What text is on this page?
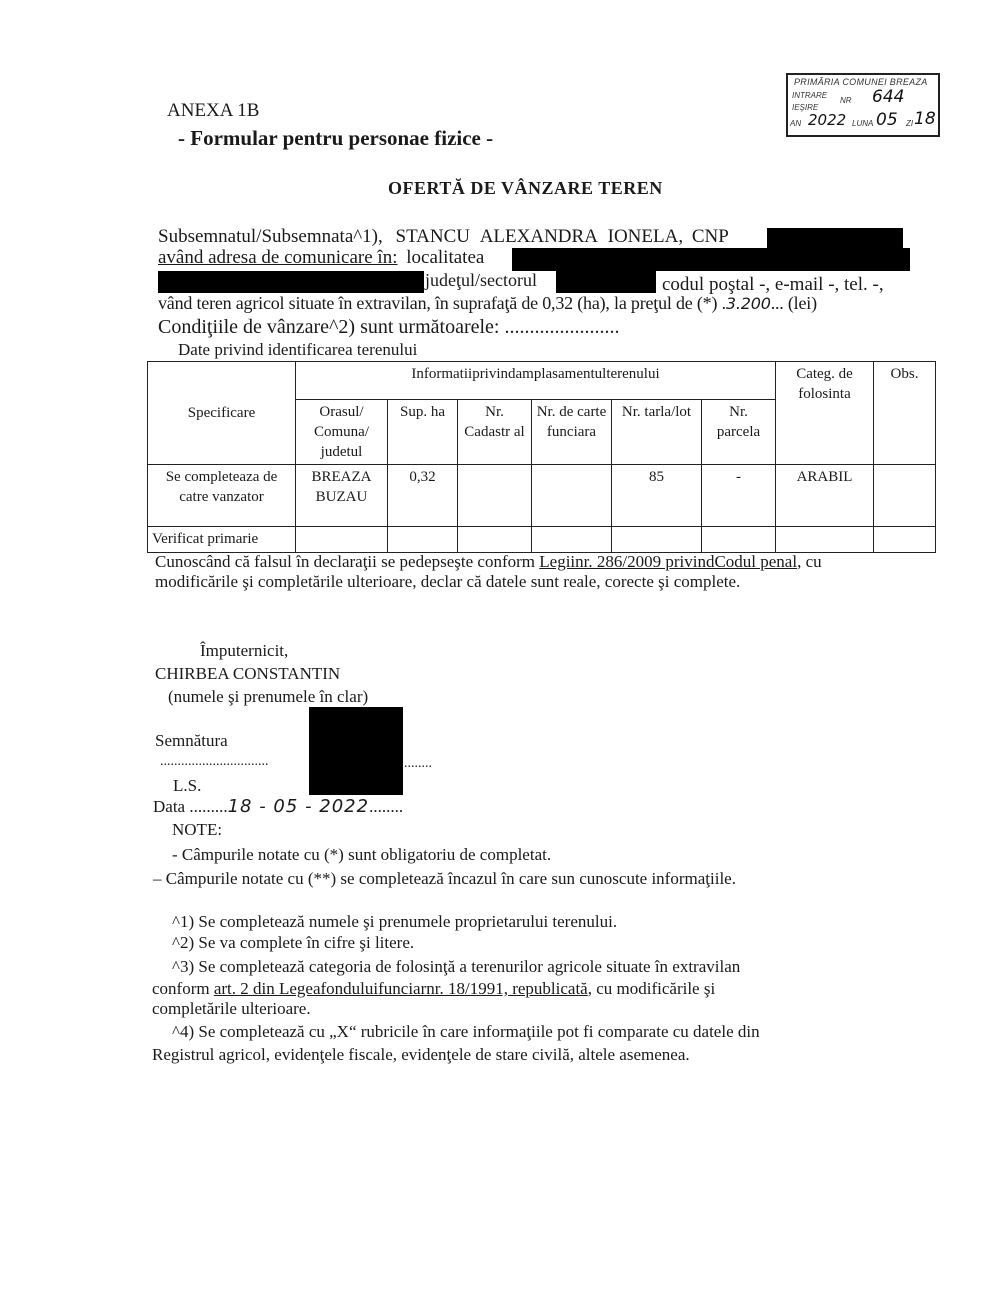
ANEXA 1B
- Formular pentru personae fizice -
OFERTĂ DE VÂNZARE TEREN
PRIMĂRIA COMUNEI BREAZA
INTRARE
IEŞIRE
NR
AN	LUNA	ZI
644
2022 05 18
Subsemnatul/Subsemnata^1), STANCU ALEXANDRA IONELA, CNP
având adresa de comunicare în: localitatea
judeţul/sectorul	codul poştal -, e-mail -, tel. -,
vând teren agricol situate în extravilan, în suprafaţă de 0,32 (ha), la preţul de (*) .3.200... (lei)
Condiţiile de vânzare^2) sunt următoarele: .......................
Date privind identificarea terenului
Specificare	Informatiiprivindamplasamentulterenului						Categ. de folosinta	Obs.
	Orasul/ Comuna/ judetul	Sup. ha	Nr. Cadastr al	Nr. de carte funciara	Nr. tarla/lot	Nr. parcela		
Se completeaza de catre vanzator	BREAZA BUZAU	0,32			85	-	ARABIL	
Verificat primarie								
Cunoscând că falsul în declaraţii se pedepseşte conform Legiinr. 286/2009 privindCodul penal, cu modificările şi completările ulterioare, declar că datele sunt reale, corecte şi complete.
Împuternicit,
CHIRBEA CONSTANTIN
(numele şi prenumele în clar)
Semnătura
...............................	........
L.S.
Data .........18 - 05 - 2022........
NOTE:
- Câmpurile notate cu (*) sunt obligatoriu de completat.
– Câmpurile notate cu (**) se completează încazul în care sun cunoscute informaţiile.
^1) Se completează numele şi prenumele proprietarului terenului.
^2) Se va complete în cifre şi litere.
^3) Se completează categoria de folosinţă a terenurilor agricole situate în extravilan
conform art. 2 din Legeafonduluifunciarnr. 18/1991, republicată, cu modificările şi
completările ulterioare.
^4) Se completează cu „X“ rubricile în care informaţiile pot fi comparate cu datele din
Registrul agricol, evidenţele fiscale, evidenţele de stare civilă, altele asemenea.
